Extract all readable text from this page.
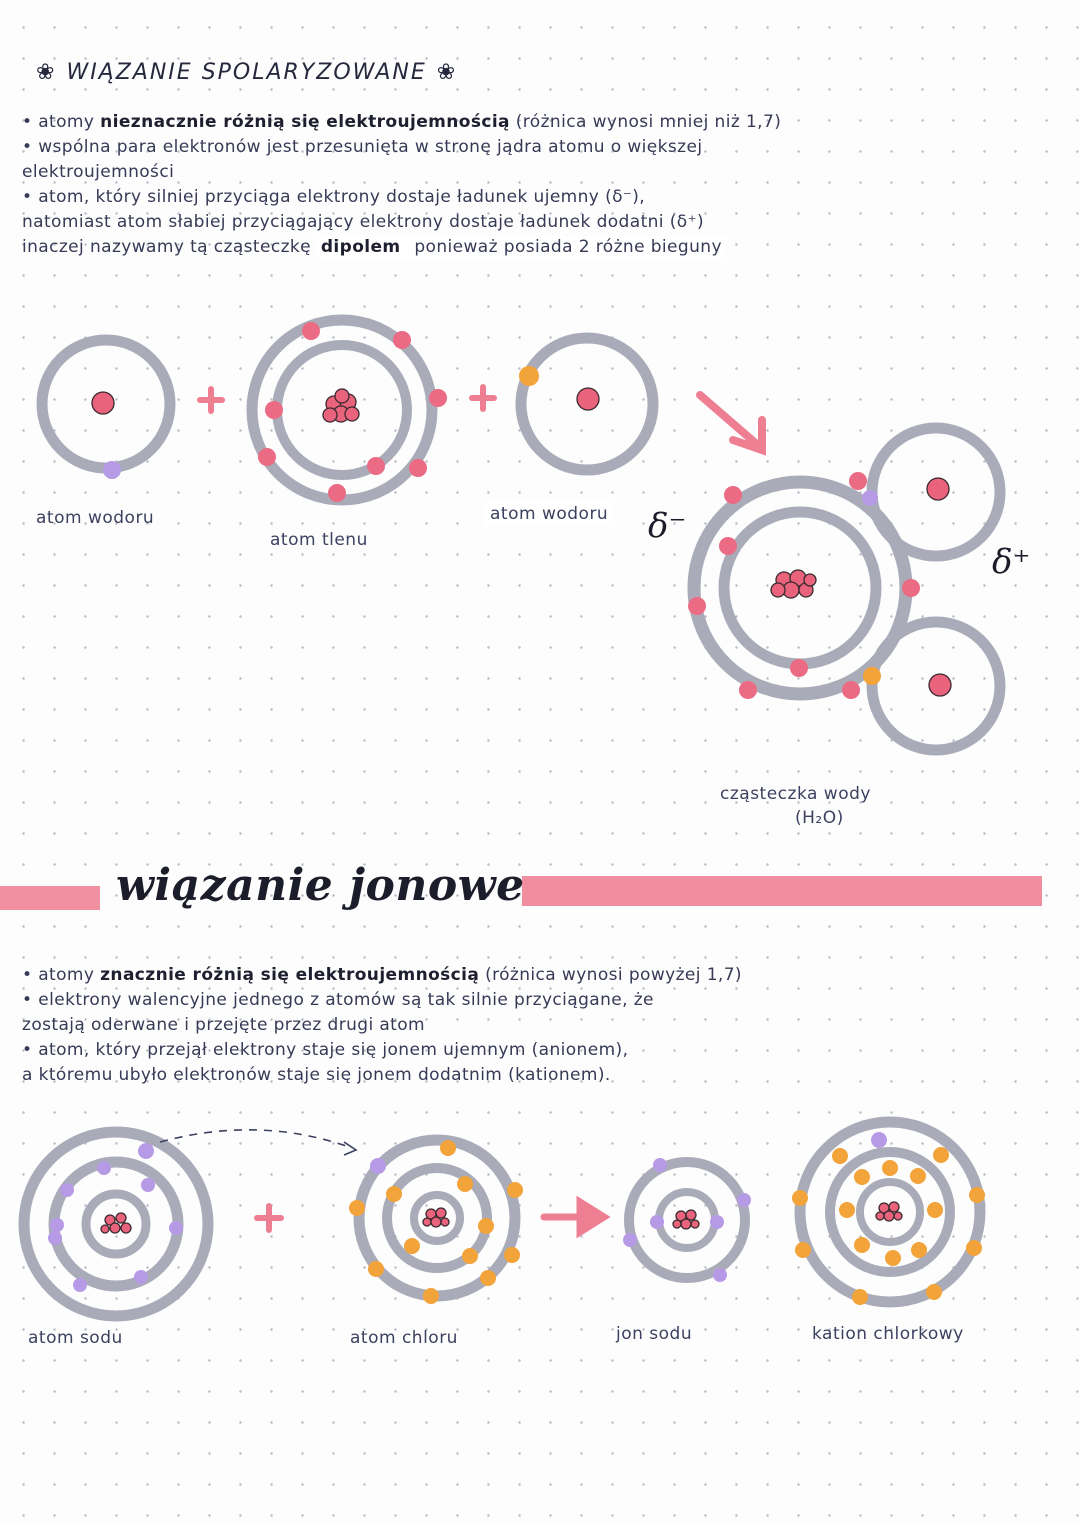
❀ WIĄZANIE SPOLARYZOWANE ❀
• atomy nieznacznie różnią się elektroujemnością (różnica wynosi mniej niż 1,7)
• wspólna para elektronów jest przesunięta w stronę jądra atomu o większej
elektroujemności
• atom, który silniej przyciąga elektrony dostaje ładunek ujemny (δ⁻),
natomiast atom słabiej przyciągający elektrony dostaje ładunek dodatni (δ⁺)
inaczej nazywamy tą cząsteczkę dipolem ponieważ posiada 2 różne bieguny
atom wodoru
atom tlenu
atom wodoru δ⁻
δ⁺
cząsteczka wody
(H₂O)
wiązanie jonowe
• atomy znacznie różnią się elektroujemnością (różnica wynosi powyżej 1,7)
• elektrony walencyjne jednego z atomów są tak silnie przyciągane, że
zostają oderwane i przejęte przez drugi atom
• atom, który przejął elektrony staje się jonem ujemnym (anionem),
a któremu ubyło elektronów staje się jonem dodatnim (kationem).
atom sodu	atom chloru	jon sodu	kation chlorkowy
